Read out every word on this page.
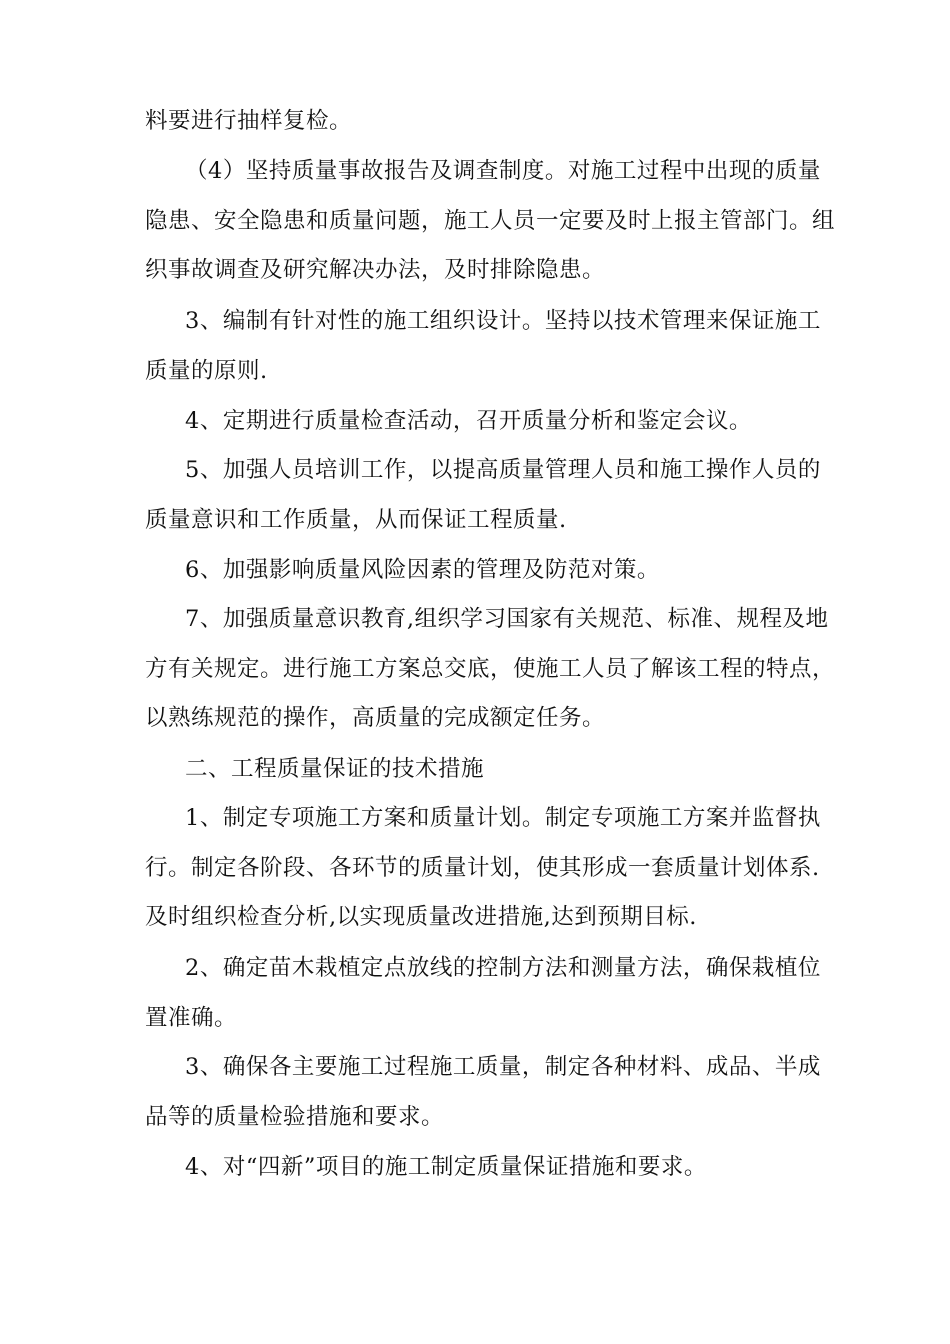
料要进行抽样复检。
（4）坚持质量事故报告及调查制度。对施工过程中出现的质量
隐患、安全隐患和质量问题，施工人员一定要及时上报主管部门。组
织事故调查及研究解决办法，及时排除隐患。
3、编制有针对性的施工组织设计。坚持以技术管理来保证施工
质量的原则.
4、定期进行质量检查活动，召开质量分析和鉴定会议。
5、加强人员培训工作，以提高质量管理人员和施工操作人员的
质量意识和工作质量，从而保证工程质量.
6、加强影响质量风险因素的管理及防范对策。
7、加强质量意识教育,组织学习国家有关规范、标准、规程及地
方有关规定。进行施工方案总交底，使施工人员了解该工程的特点，
以熟练规范的操作，高质量的完成额定任务。
二、工程质量保证的技术措施
1、制定专项施工方案和质量计划。制定专项施工方案并监督执
行。制定各阶段、各环节的质量计划，使其形成一套质量计划体系.
及时组织检查分析,以实现质量改进措施,达到预期目标.
2、确定苗木栽植定点放线的控制方法和测量方法，确保栽植位
置准确。
3、确保各主要施工过程施工质量，制定各种材料、成品、半成
品等的质量检验措施和要求。
4、对“四新”项目的施工制定质量保证措施和要求。
